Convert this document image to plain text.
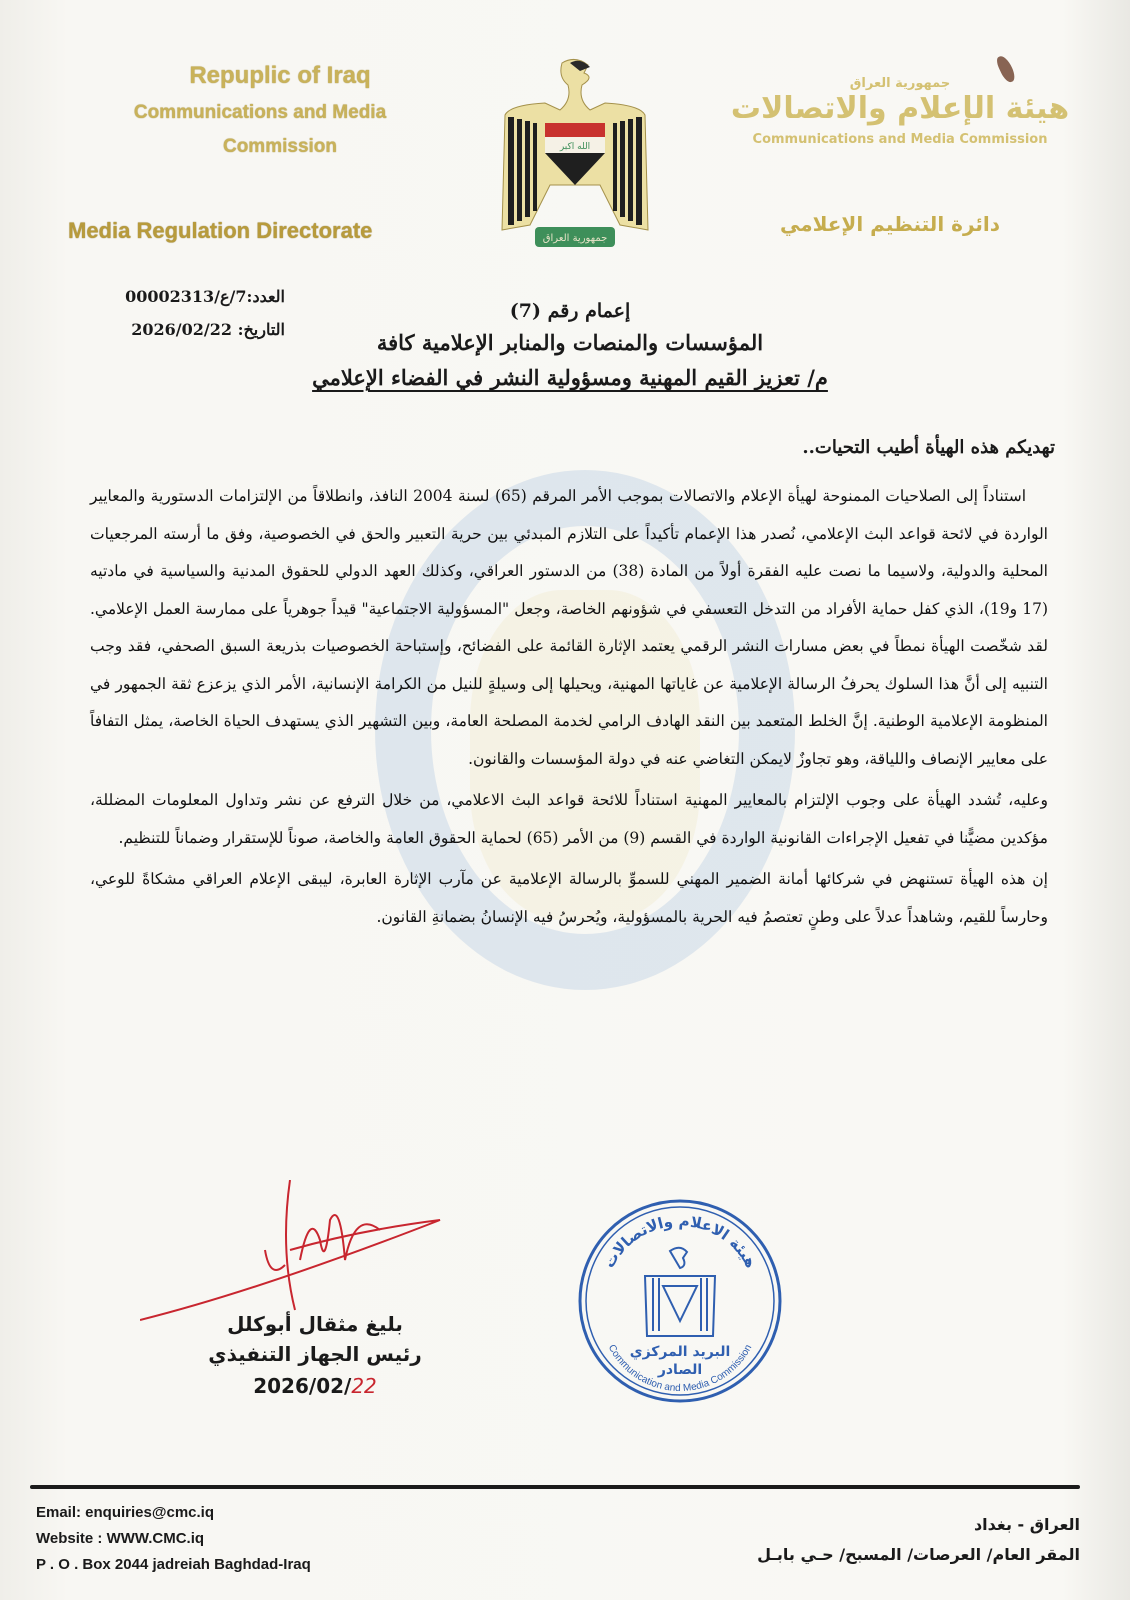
Repuplic of Iraq
Communications and Media
Commission
Media Regulation Directorate
الله اكبر
جمهورية العراق
جمهورية العراق
هيئة الإعلام والاتصالات
Communications and Media Commission
دائرة التنظيم الإعلامي
العدد:7/ع/00002313
التاريخ: 2026/02/22
إعمام رقم (7)
المؤسسات والمنصات والمنابر الإعلامية كافة
م/ تعزيز القيم المهنية ومسؤولية النشر في الفضاء الإعلامي
تهديكم هذه الهيأة أطيب التحيات..

استناداً إلى الصلاحيات الممنوحة لهيأة الإعلام والاتصالات بموجب الأمر المرقم (65) لسنة 2004 النافذ، وانطلاقاً من الإلتزامات الدستورية والمعايير الواردة في لائحة قواعد البث الإعلامي، نُصدر هذا الإعمام تأكيداً على التلازم المبدئي بين حرية التعبير والحق في الخصوصية، وفق ما أرسته المرجعيات المحلية والدولية، ولاسيما ما نصت عليه الفقرة أولاً من المادة (38) من الدستور العراقي، وكذلك العهد الدولي للحقوق المدنية والسياسية في مادتيه (17 و19)، الذي كفل حماية الأفراد من التدخل التعسفي في شؤونهم الخاصة، وجعل "المسؤولية الاجتماعية" قيداً جوهرياً على ممارسة العمل الإعلامي. لقد شخّصت الهيأة نمطاً في بعض مسارات النشر الرقمي يعتمد الإثارة القائمة على الفضائح، وإستباحة الخصوصيات بذريعة السبق الصحفي، فقد وجب التنبيه إلى أنَّ هذا السلوك يحرفُ الرسالة الإعلامية عن غاياتها المهنية، ويحيلها إلى وسيلةٍ للنيل من الكرامة الإنسانية، الأمر الذي يزعزع ثقة الجمهور في المنظومة الإعلامية الوطنية. إنَّ الخلط المتعمد بين النقد الهادف الرامي لخدمة المصلحة العامة، وبين التشهير الذي يستهدف الحياة الخاصة، يمثل التفافاً على معايير الإنصاف واللياقة، وهو تجاوزٌ لايمكن التغاضي عنه في دولة المؤسسات والقانون.

وعليه، تُشدد الهيأة على وجوب الإلتزام بالمعايير المهنية استناداً للائحة قواعد البث الاعلامي، من خلال الترفع عن نشر وتداول المعلومات المضللة، مؤكدين مضيًّنا في تفعيل الإجراءات القانونية الواردة في القسم (9) من الأمر (65) لحماية الحقوق العامة والخاصة، صوناً للإستقرار وضماناً للتنظيم.

إن هذه الهيأة تستنهض في شركائها أمانة الضمير المهني للسموِّ بالرسالة الإعلامية عن مآرب الإثارة العابرة، ليبقى الإعلام العراقي مشكاةً للوعي، وحارساً للقيم، وشاهداً عدلاً على وطنٍ تعتصمُ فيه الحرية بالمسؤولية، ويُحرسُ فيه الإنسانُ بضمانةِ القانون.

بليغ مثقال أبوكلل
رئيس الجهاز التنفيذي
2026/02/22
هيئة الاعلام والاتصالات
Communication and Media Commission
البريد المركزي
الصادر
Email: enquiries@cmc.iq
Website : WWW.CMC.iq
P . O . Box 2044 jadreiah Baghdad-Iraq
العراق - بغداد
المقر العام/ العرصات/ المسبح/ حـي بابـل
